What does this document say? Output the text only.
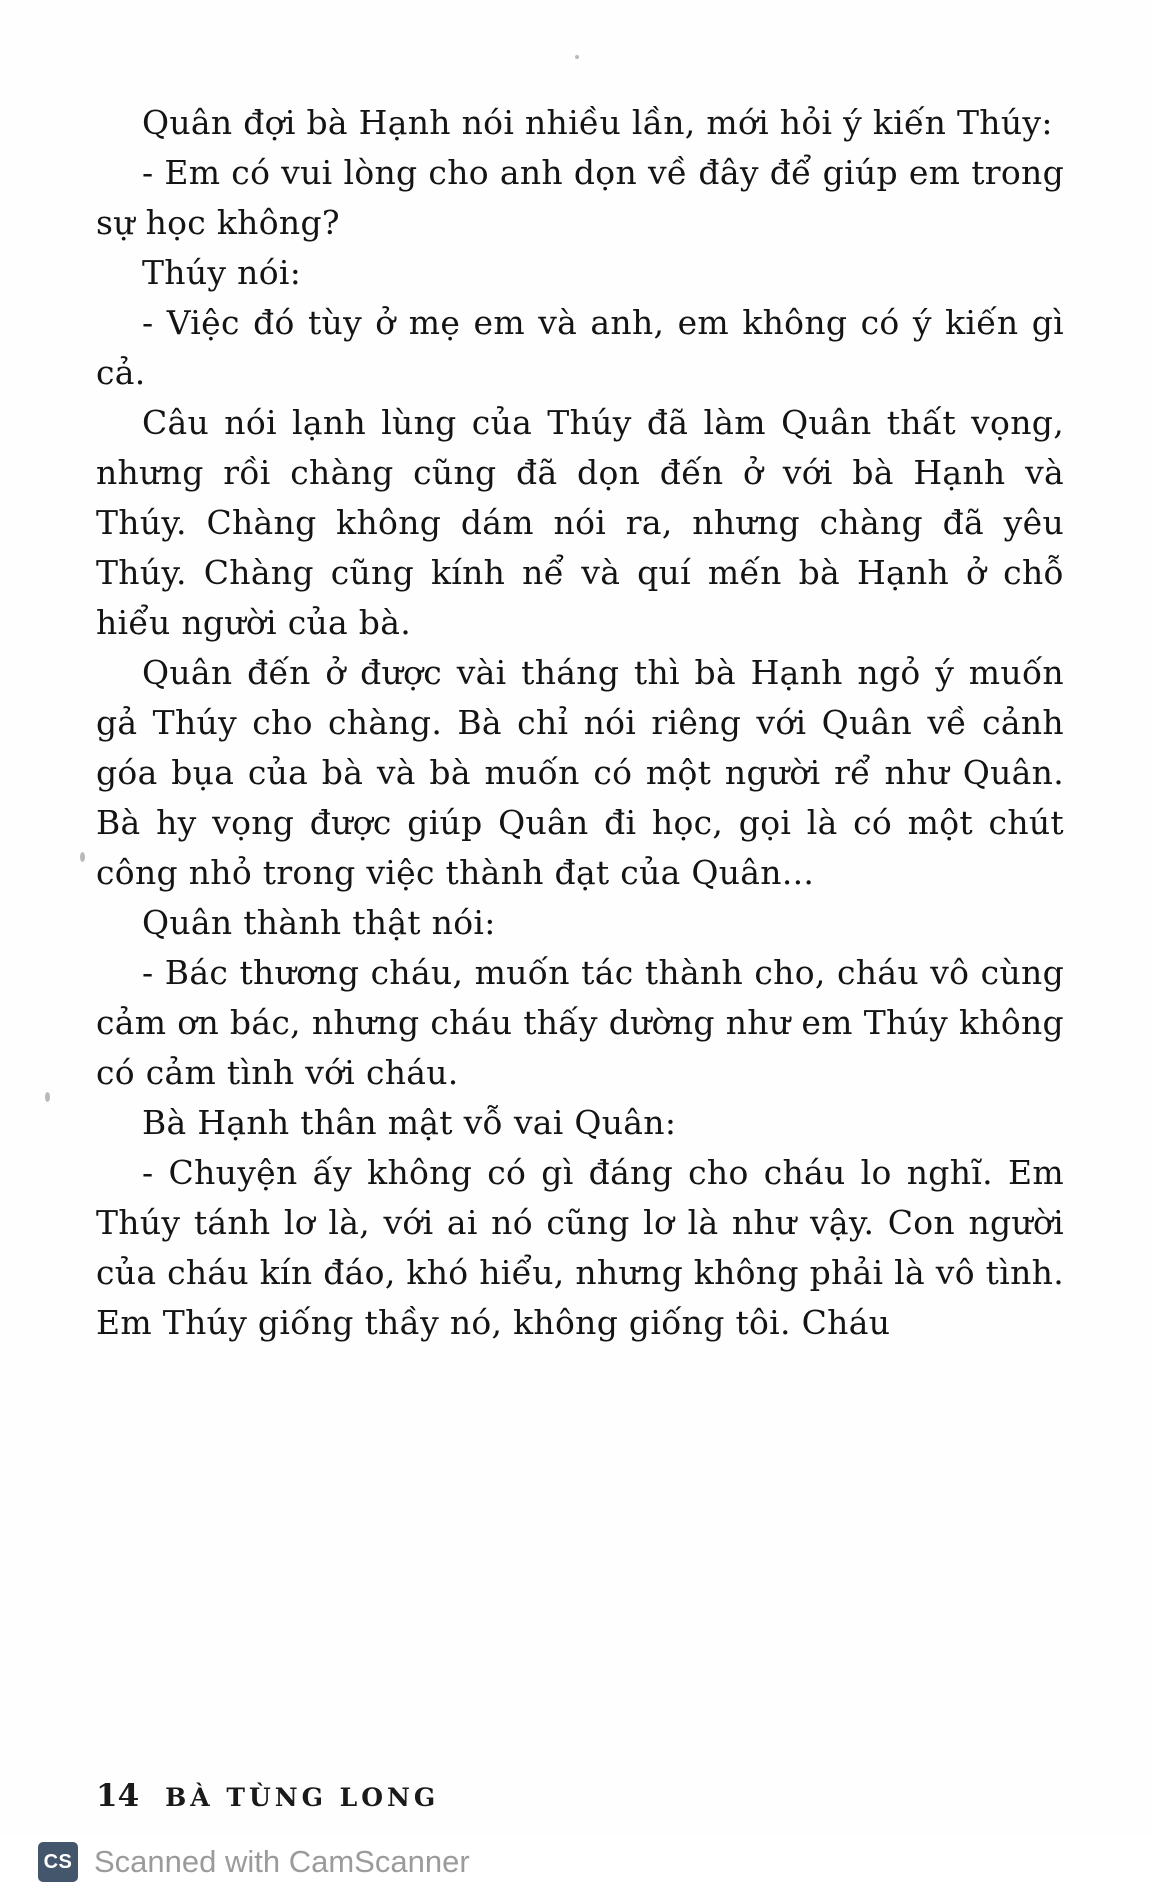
Quân đợi bà Hạnh nói nhiều lần, mới hỏi ý kiến Thúy:

- Em có vui lòng cho anh dọn về đây để giúp em trong sự học không?

Thúy nói:

- Việc đó tùy ở mẹ em và anh, em không có ý kiến gì cả.

Câu nói lạnh lùng của Thúy đã làm Quân thất vọng, nhưng rồi chàng cũng đã dọn đến ở với bà Hạnh và Thúy. Chàng không dám nói ra, nhưng chàng đã yêu Thúy. Chàng cũng kính nể và quí mến bà Hạnh ở chỗ hiểu người của bà.

Quân đến ở được vài tháng thì bà Hạnh ngỏ ý muốn gả Thúy cho chàng. Bà chỉ nói riêng với Quân về cảnh góa bụa của bà và bà muốn có một người rể như Quân. Bà hy vọng được giúp Quân đi học, gọi là có một chút công nhỏ trong việc thành đạt của Quân...

Quân thành thật nói:

- Bác thương cháu, muốn tác thành cho, cháu vô cùng cảm ơn bác, nhưng cháu thấy dường như em Thúy không có cảm tình với cháu.

Bà Hạnh thân mật vỗ vai Quân:

- Chuyện ấy không có gì đáng cho cháu lo nghĩ. Em Thúy tánh lơ là, với ai nó cũng lơ là như vậy. Con người của cháu kín đáo, khó hiểu, nhưng không phải là vô tình. Em Thúy giống thầy nó, không giống tôi. Cháu

14 BÀ TÙNG LONG
CS Scanned with CamScanner
